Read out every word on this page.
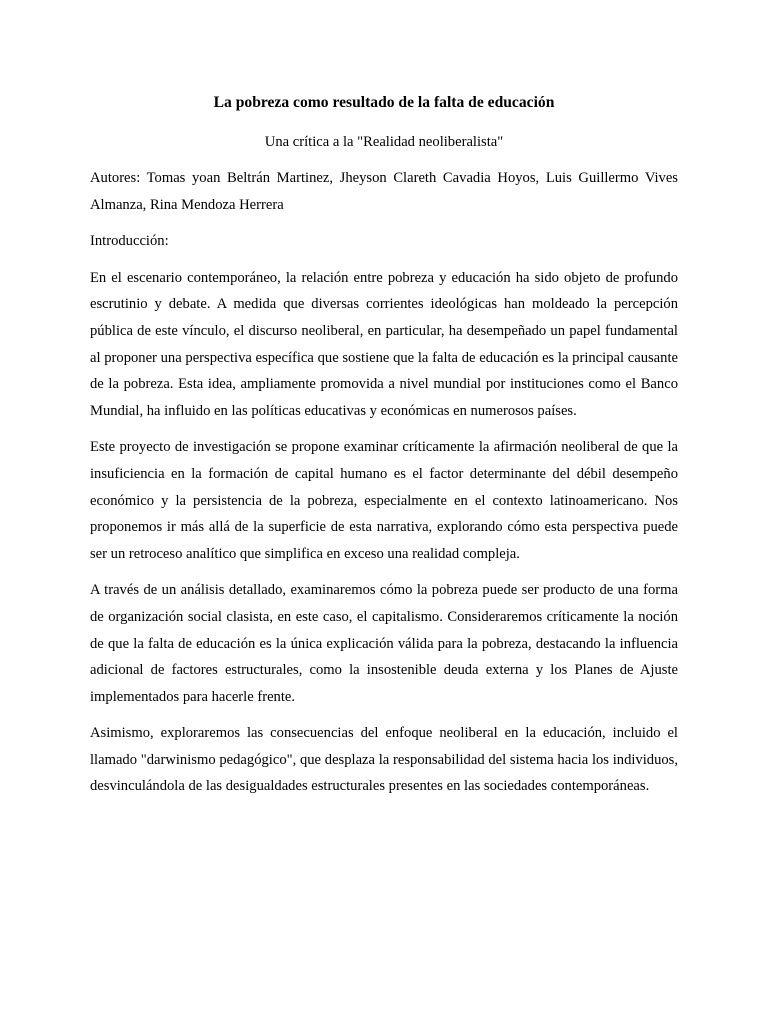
La pobreza como resultado de la falta de educación

Una crítica a la "Realidad neoliberalista"

Autores: Tomas yoan Beltrán Martinez, Jheyson Clareth Cavadia Hoyos, Luis Guillermo Vives Almanza, Rina Mendoza Herrera

Introducción:

En el escenario contemporáneo, la relación entre pobreza y educación ha sido objeto de profundo escrutinio y debate. A medida que diversas corrientes ideológicas han moldeado la percepción pública de este vínculo, el discurso neoliberal, en particular, ha desempeñado un papel fundamental al proponer una perspectiva específica que sostiene que la falta de educación es la principal causante de la pobreza. Esta idea, ampliamente promovida a nivel mundial por instituciones como el Banco Mundial, ha influido en las políticas educativas y económicas en numerosos países.

Este proyecto de investigación se propone examinar críticamente la afirmación neoliberal de que la insuficiencia en la formación de capital humano es el factor determinante del débil desempeño económico y la persistencia de la pobreza, especialmente en el contexto latinoamericano. Nos proponemos ir más allá de la superficie de esta narrativa, explorando cómo esta perspectiva puede ser un retroceso analítico que simplifica en exceso una realidad compleja.

A través de un análisis detallado, examinaremos cómo la pobreza puede ser producto de una forma de organización social clasista, en este caso, el capitalismo. Consideraremos críticamente la noción de que la falta de educación es la única explicación válida para la pobreza, destacando la influencia adicional de factores estructurales, como la insostenible deuda externa y los Planes de Ajuste implementados para hacerle frente.

Asimismo, exploraremos las consecuencias del enfoque neoliberal en la educación, incluido el llamado "darwinismo pedagógico", que desplaza la responsabilidad del sistema hacia los individuos, desvinculándola de las desigualdades estructurales presentes en las sociedades contemporáneas.
